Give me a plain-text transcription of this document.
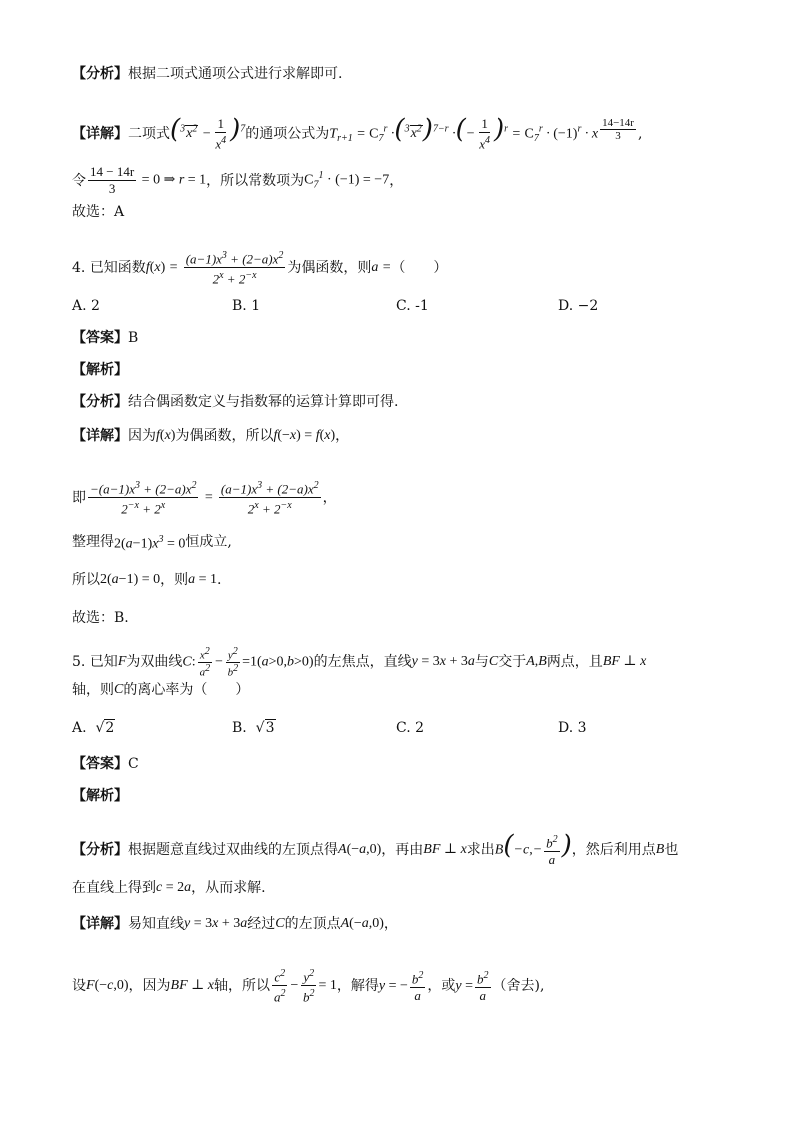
【分析】 根据二项式通项公式进行求解即可.
【详解】 二项式 $(^3x^2 - \frac{1}{x^4} )^7$ 的通项公式为 $T_{r+1} = C_7^r \cdot(^3x^2)^{7-r}$ ·(− $\frac{1}{x^4} )^r = C_7^r \cdot (-1)^r \cdot x$ $^{\frac{14-14r}{3}}$ ,
令 $\frac{14 - 14r}{3} = 0$ ⇒ r = 1 ，所以常数项为 $C_7^1 \cdot (-1) = -7$ ，
故选：A
4.
已知函数 $f(x) = \frac{(a-1)x^3 + (2-a)x^2}{2^x + 2^{-x}}$ 为偶函数，则 a = （　　）
A. 2	B. 1	C. -1	D. −2
【答案】 B
【解析】
【分析】 结合偶函数定义与指数幂的运算计算即可得.
【详解】 因为 f(x) 为偶函数，所以 f(−x) = f(x) ，
即 $\frac{-(a-1)x^3 + (2-a)x^2}{2^{-x} + 2^x} = \frac{(a-1)x^3 + (2-a)x^2}{2^x + 2^{-x}}$ ，
整理得 $2(a-1)x^3 = 0$ 恒成立,
所以 2(a−1) = 0 ，则 a = 1 .
故选：B.
5.
已知 F 为双曲线 C: $\frac{x^2}{a^2} - \frac{y^2}{b^2} =1(a>0,b>0)$ 的左焦点，直线 y = 3x + 3a 与 C 交于 A,B 两点，且 BF ⊥ x
轴，则 C 的离心率为（　　）
A.  √2	B.  √3	C. 2	D. 3
【答案】 C
【解析】
【分析】 根据题意直线过双曲线的左顶点得 A(−a,0) ，再由 BF ⊥ x 求出 $B(-c,- \frac{b^2}{a}$ ) ，然后利用点 B 也
在直线上得到 c = 2a ，从而求解.
【详解】 易知直线 y = 3x + 3a 经过 C 的左顶点 A(−a,0) ，
设 F(−c,0) ，因为 BF ⊥ x 轴，所以 $\frac{c^2}{a^2} - \frac{y^2}{b^2} = 1$ ，解得 y = − $\frac{b^2}{a}$ ，或 $y = \frac{b^2}{a}$ （舍去),
